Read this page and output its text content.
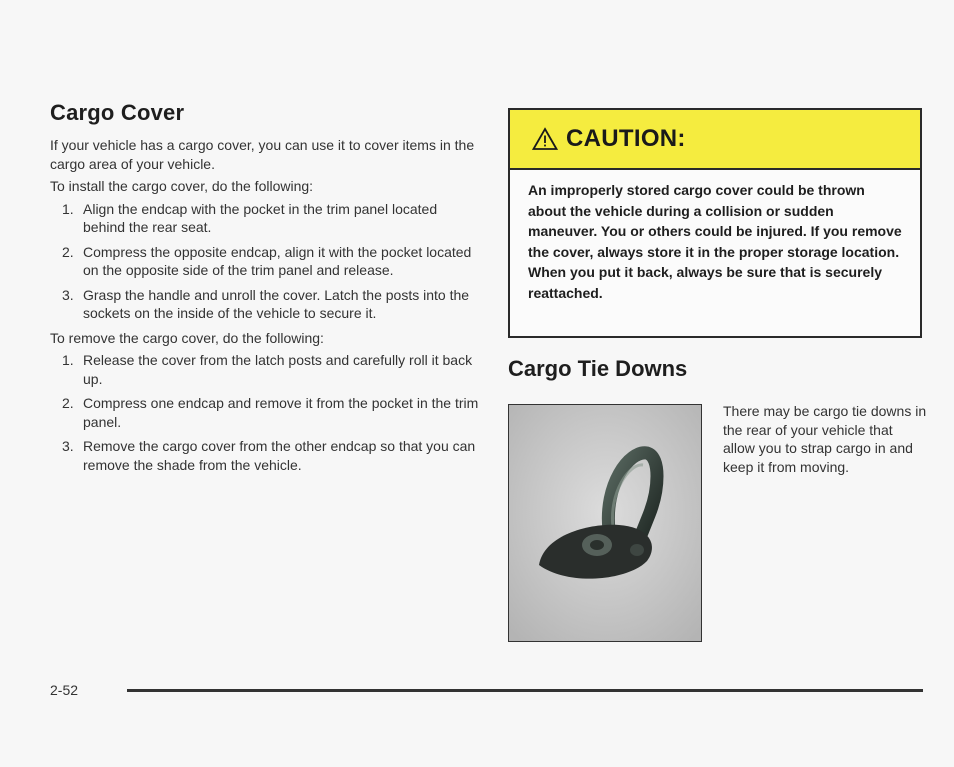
Cargo Cover

If your vehicle has a cargo cover, you can use it to cover items in the cargo area of your vehicle.

To install the cargo cover, do the following:

1. Align the endcap with the pocket in the trim panel located behind the rear seat.
2. Compress the opposite endcap, align it with the pocket located on the opposite side of the trim panel and release.
3. Grasp the handle and unroll the cover. Latch the posts into the sockets on the inside of the vehicle to secure it.

To remove the cargo cover, do the following:

1. Release the cover from the latch posts and carefully roll it back up.
2. Compress one endcap and remove it from the pocket in the trim panel.
3. Remove the cargo cover from the other endcap so that you can remove the shade from the vehicle.
CAUTION:
An improperly stored cargo cover could be thrown about the vehicle during a collision or sudden maneuver. You or others could be injured. If you remove the cover, always store it in the proper storage location. When you put it back, always be sure that is securely reattached.
Cargo Tie Downs
There may be cargo tie downs in the rear of your vehicle that allow you to strap cargo in and keep it from moving.
2-52
